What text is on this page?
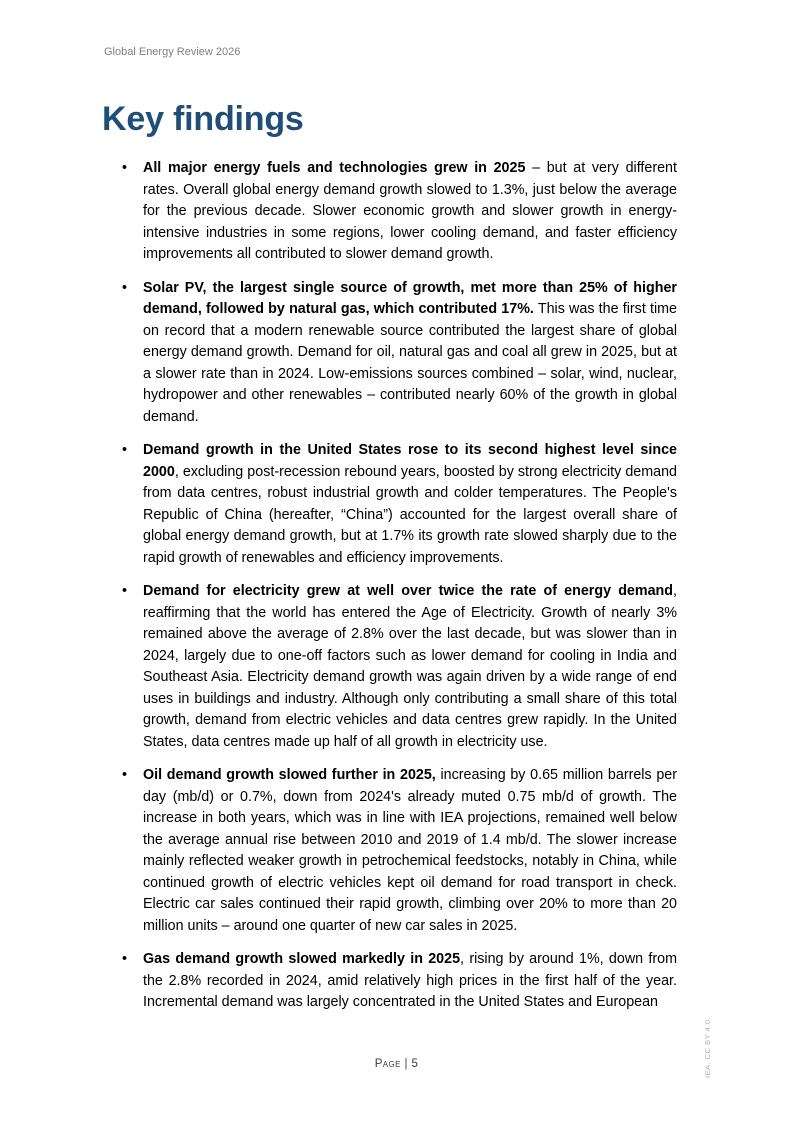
Global Energy Review 2026
Key findings
• All major energy fuels and technologies grew in 2025 – but at very different rates. Overall global energy demand growth slowed to 1.3%, just below the average for the previous decade. Slower economic growth and slower growth in energy-intensive industries in some regions, lower cooling demand, and faster efficiency improvements all contributed to slower demand growth.
• Solar PV, the largest single source of growth, met more than 25% of higher demand, followed by natural gas, which contributed 17%. This was the first time on record that a modern renewable source contributed the largest share of global energy demand growth. Demand for oil, natural gas and coal all grew in 2025, but at a slower rate than in 2024. Low-emissions sources combined – solar, wind, nuclear, hydropower and other renewables – contributed nearly 60% of the growth in global demand.
• Demand growth in the United States rose to its second highest level since 2000, excluding post-recession rebound years, boosted by strong electricity demand from data centres, robust industrial growth and colder temperatures. The People's Republic of China (hereafter, “China”) accounted for the largest overall share of global energy demand growth, but at 1.7% its growth rate slowed sharply due to the rapid growth of renewables and efficiency improvements.
• Demand for electricity grew at well over twice the rate of energy demand, reaffirming that the world has entered the Age of Electricity. Growth of nearly 3% remained above the average of 2.8% over the last decade, but was slower than in 2024, largely due to one-off factors such as lower demand for cooling in India and Southeast Asia. Electricity demand growth was again driven by a wide range of end uses in buildings and industry. Although only contributing a small share of this total growth, demand from electric vehicles and data centres grew rapidly. In the United States, data centres made up half of all growth in electricity use.
• Oil demand growth slowed further in 2025, increasing by 0.65 million barrels per day (mb/d) or 0.7%, down from 2024's already muted 0.75 mb/d of growth. The increase in both years, which was in line with IEA projections, remained well below the average annual rise between 2010 and 2019 of 1.4 mb/d. The slower increase mainly reflected weaker growth in petrochemical feedstocks, notably in China, while continued growth of electric vehicles kept oil demand for road transport in check. Electric car sales continued their rapid growth, climbing over 20% to more than 20 million units – around one quarter of new car sales in 2025.
• Gas demand growth slowed markedly in 2025, rising by around 1%, down from the 2.8% recorded in 2024, amid relatively high prices in the first half of the year. Incremental demand was largely concentrated in the United States and European
Page | 5	IEA. CC BY 4.0.
